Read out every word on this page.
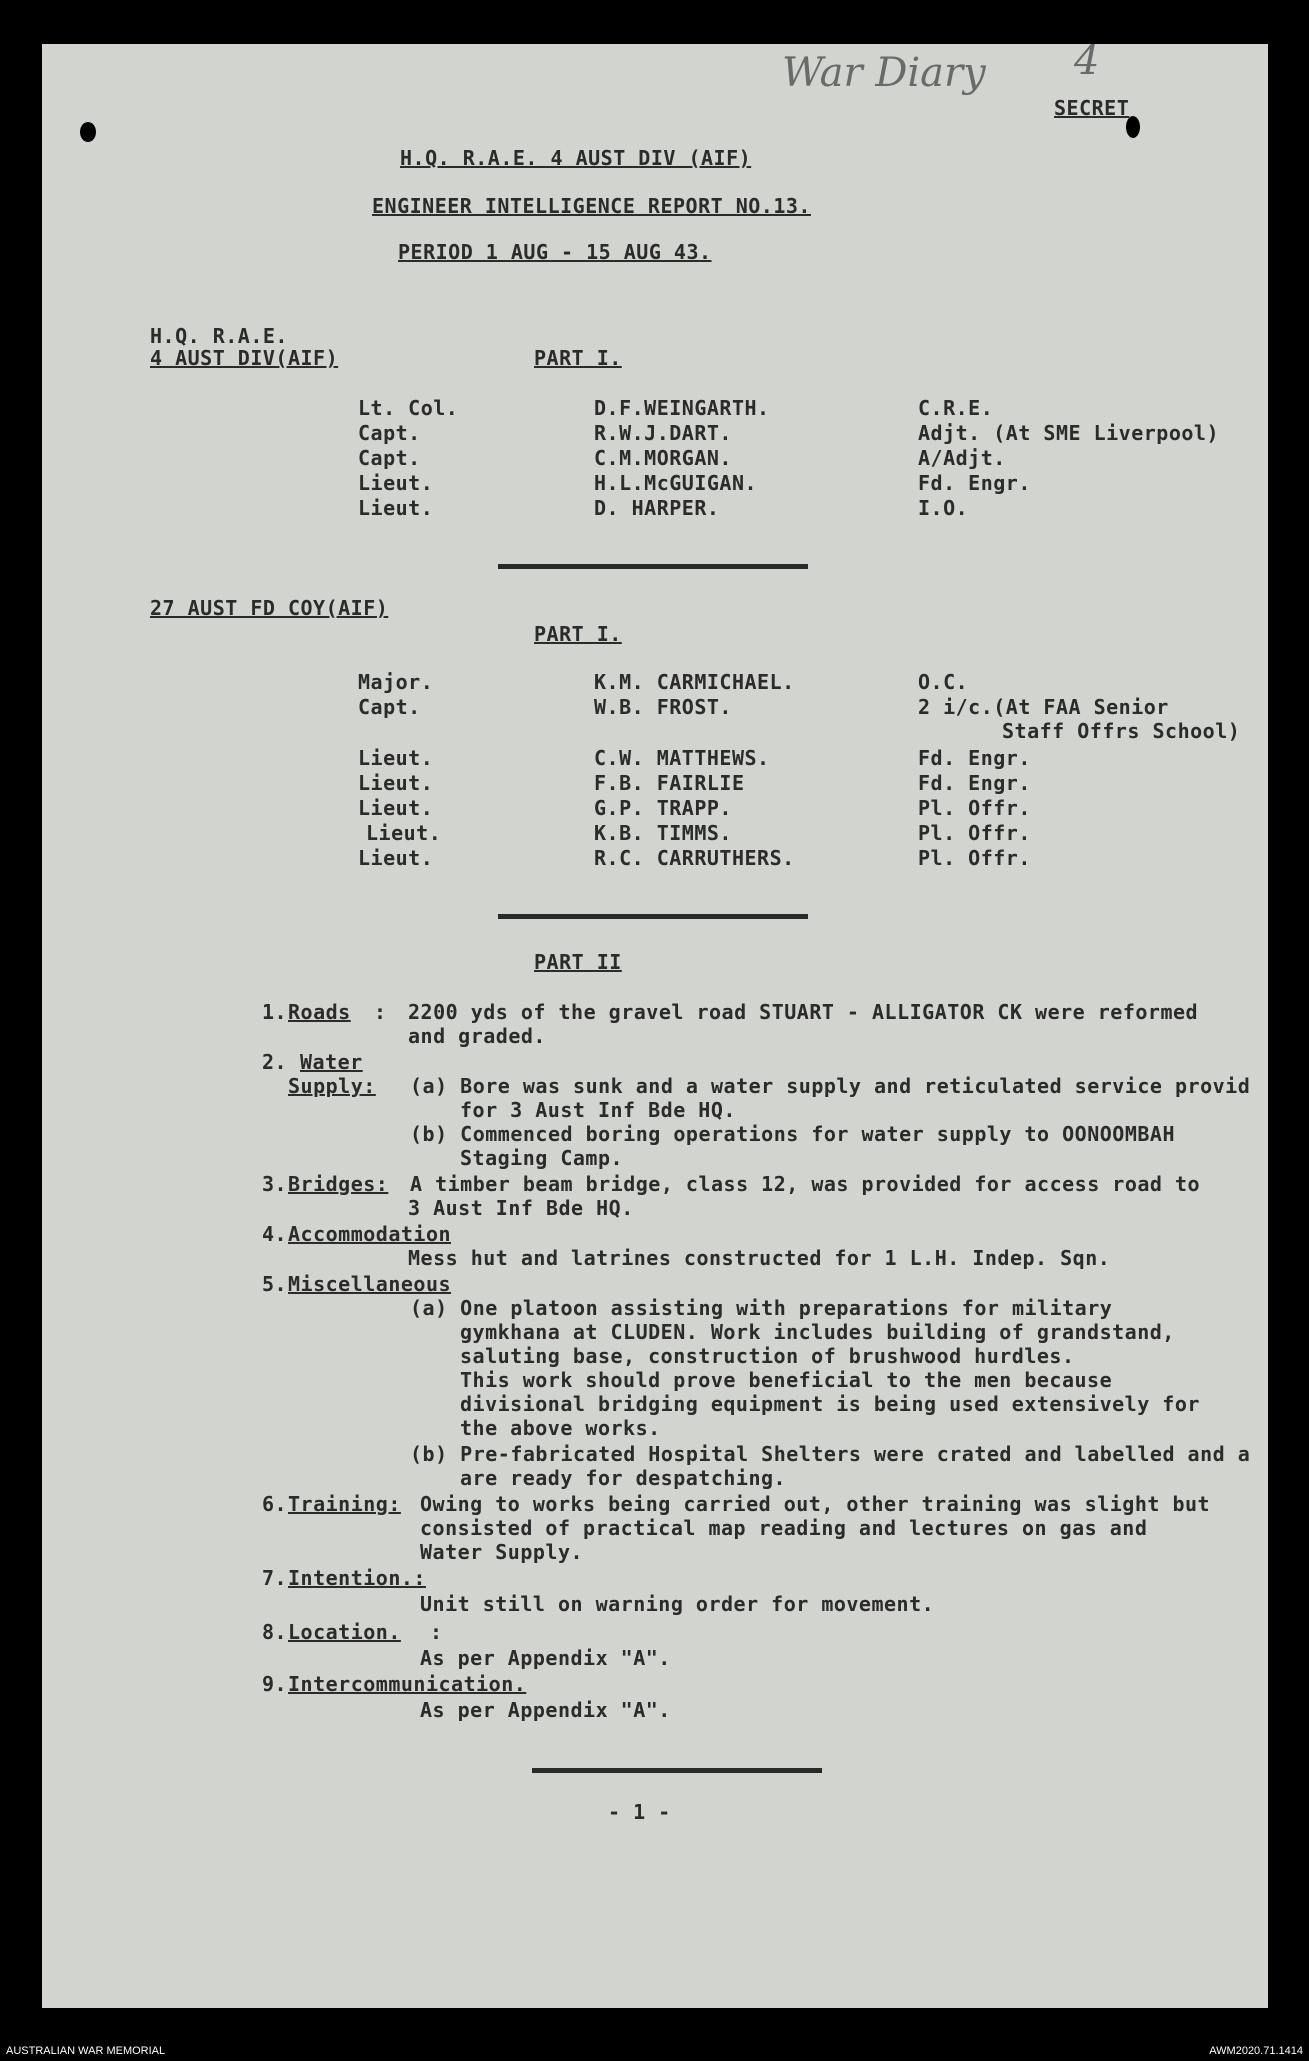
War Diary 4
SECRET
H.Q. R.A.E. 4 AUST DIV (AIF)
ENGINEER INTELLIGENCE REPORT NO.13.
PERIOD 1 AUG - 15 AUG 43.
H.Q. R.A.E.
4 AUST DIV(AIF)	PART I.
Lt. Col.	D.F.WEINGARTH.	C.R.E.
Capt.	R.W.J.DART.	Adjt. (At SME Liverpool)
Capt.	C.M.MORGAN.	A/Adjt.
Lieut.	H.L.McGUIGAN.	Fd. Engr.
Lieut.	D. HARPER.	I.O.
27 AUST FD COY(AIF)
PART I.
Major.	K.M. CARMICHAEL.	O.C.
Capt.	W.B. FROST.	2 i/c.(At FAA Senior
Staff Offrs School)
Lieut.	C.W. MATTHEWS.	Fd. Engr.
Lieut.	F.B. FAIRLIE	Fd. Engr.
Lieut.	G.P. TRAPP.	Pl. Offr.
Lieut.	K.B. TIMMS.	Pl. Offr.
Lieut.	R.C. CARRUTHERS.	Pl. Offr.
PART II
1. Roads : 2200 yds of the gravel road STUART - ALLIGATOR CK were reformed
and graded.
2. Water
Supply: (a) Bore was sunk and a water supply and reticulated service provid
for 3 Aust Inf Bde HQ.
(b) Commenced boring operations for water supply to OONOOMBAH
Staging Camp.
3. Bridges: A timber beam bridge, class 12, was provided for access road to
3 Aust Inf Bde HQ.
4. Accommodation
Mess hut and latrines constructed for 1 L.H. Indep. Sqn.
5. Miscellaneous
(a) One platoon assisting with preparations for military
gymkhana at CLUDEN. Work includes building of grandstand,
saluting base, construction of brushwood hurdles.
This work should prove beneficial to the men because
divisional bridging equipment is being used extensively for
the above works.
(b) Pre-fabricated Hospital Shelters were crated and labelled and a
are ready for despatching.
6. Training: Owing to works being carried out, other training was slight but
consisted of practical map reading and lectures on gas and
Water Supply.
7. Intention.:
Unit still on warning order for movement.
8. Location. :
As per Appendix "A".
9. Intercommunication.
As per Appendix "A".
- 1 -
AUSTRALIAN WAR MEMORIAL	AWM2020.71.1414
